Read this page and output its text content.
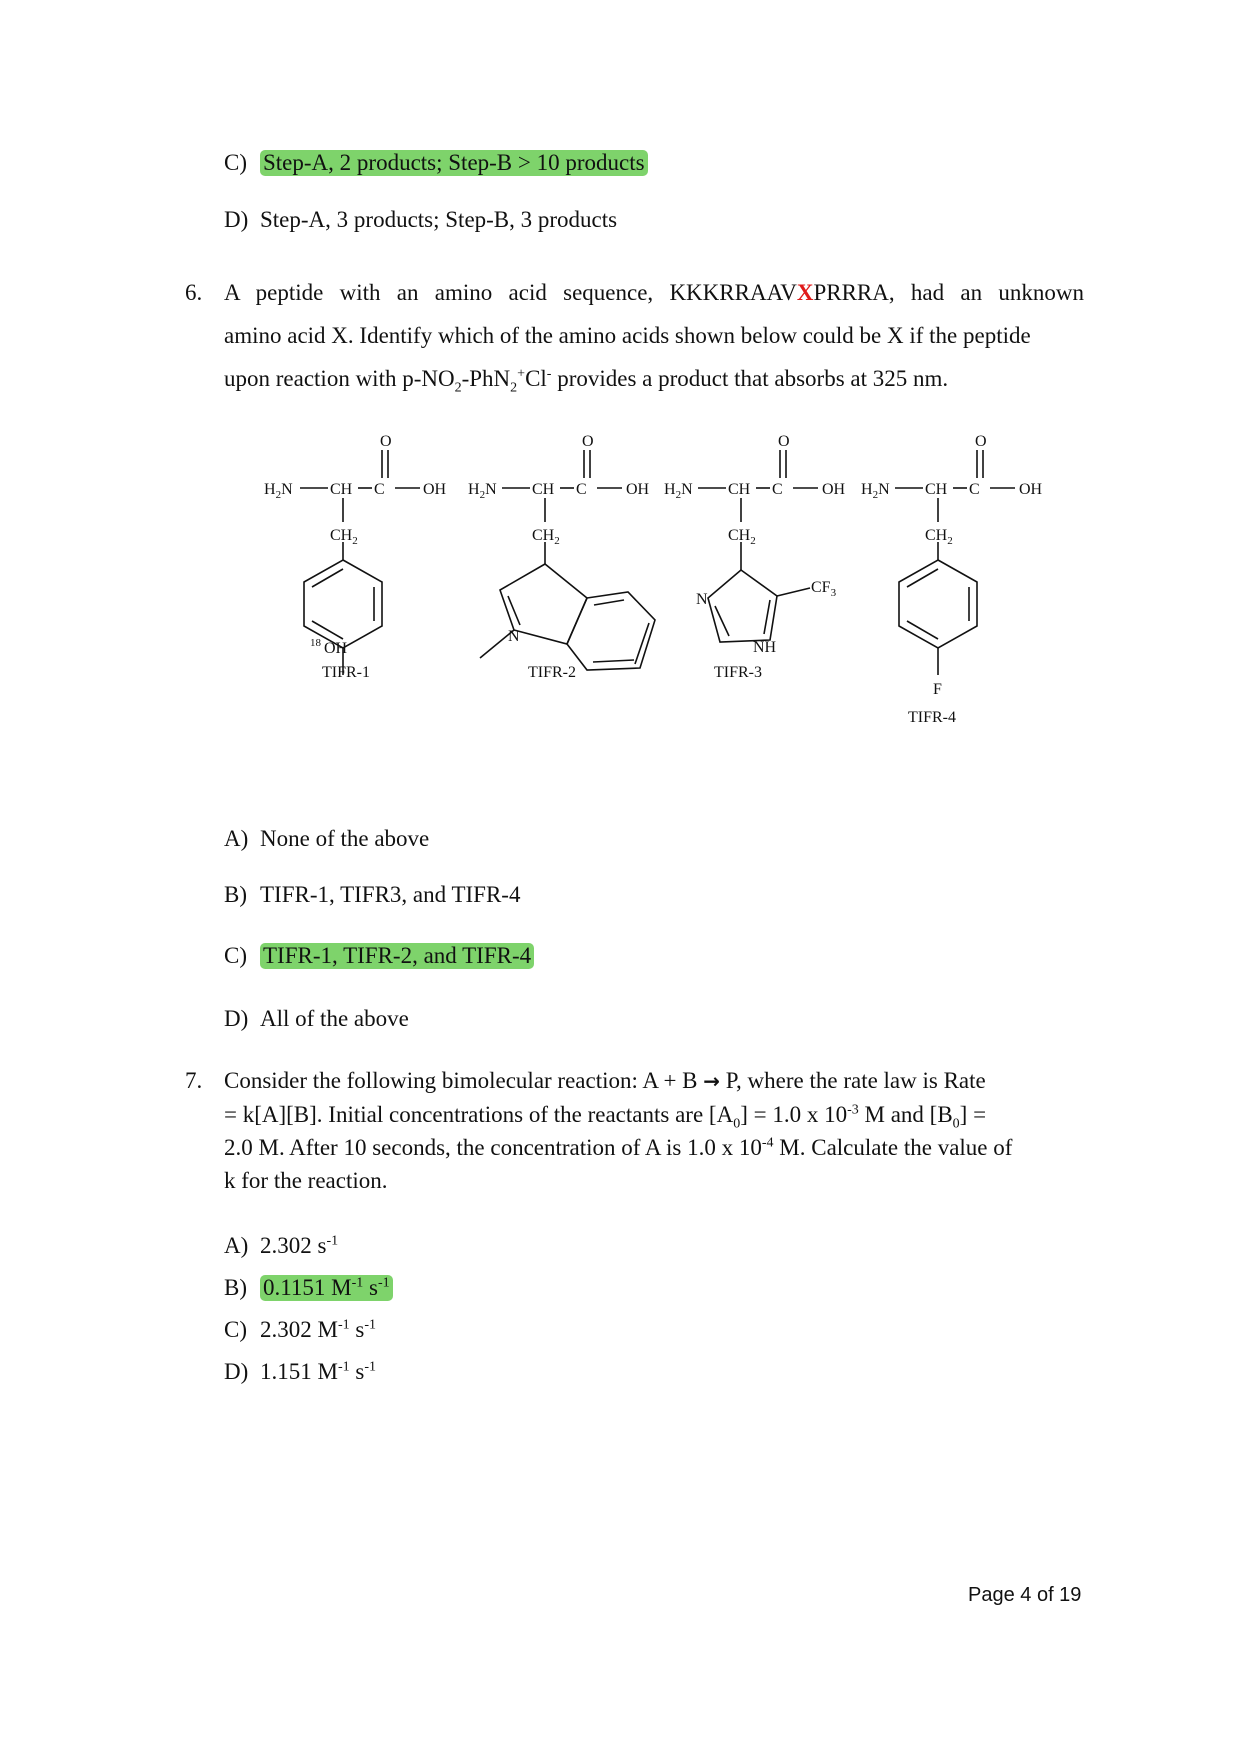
C) Step-A, 2 products; Step-B > 10 products
D) Step-A, 3 products; Step-B, 3 products
6. A peptide with an amino acid sequence, KKKRRAAVXPRRRA, had an unknown
amino acid X. Identify which of the amino acids shown below could be X if the peptide
upon reaction with $p-NO_2-PhN_2^+Cl^-$ provides a product that absorbs at 325 nm.
O
$H_2N$ CH C OH
$CH_2$
18 OH
TIFR-1
O
$H_2N$ CH C OH
$CH_2$
N
TIFR-2
O
$H_2N$ CH C OH
$CH_2$
N
NH
$CF_3$
TIFR-3
O
$H_2N$ CH C OH
$CH_2$
F
TIFR-4
A) None of the above
B) TIFR-1, TIFR3, and TIFR-4
C) TIFR-1, TIFR-2, and TIFR-4
D) All of the above
7. Consider the following bimolecular reaction: A + B → P, where the rate law is Rate
= k[A][B]. Initial concentrations of the reactants are $[A_0] = 1.0$ x $10^{-3}$ M and $[B_0]$ =
2.0 M. After 10 seconds, the concentration of A is 1.0 x $10^{-4}$ M. Calculate the value of
k for the reaction.
A) 2.302 $s^{-1}$
B) 0.1151 $M^{-1}$ $s^{-1}$
C) 2.302 $M^{-1}$ $s^{-1}$
D) 1.151 $M^{-1}$ $s^{-1}$
Page 4 of 19
